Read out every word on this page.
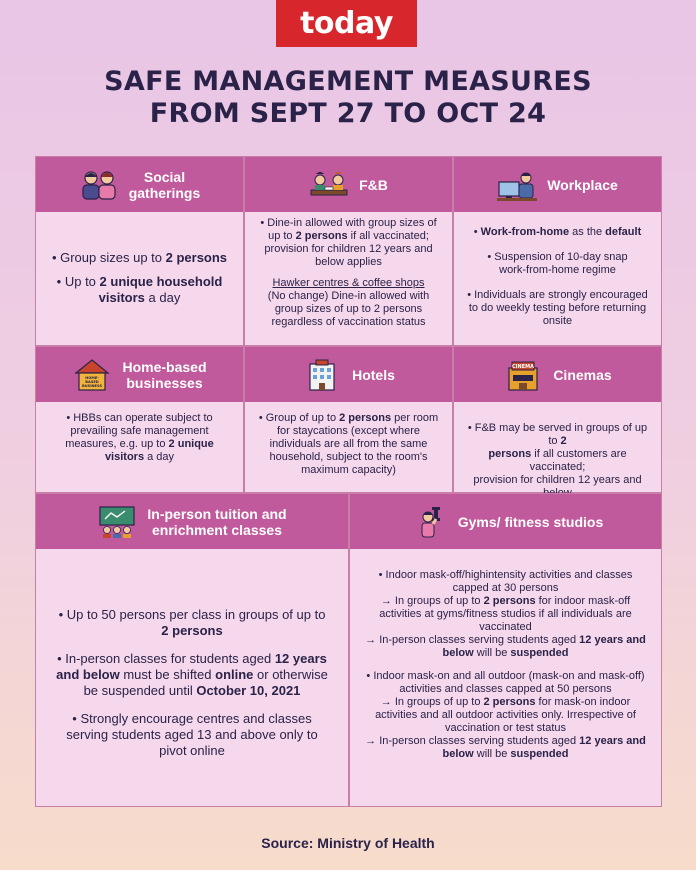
today
SAFE MANAGEMENT MEASURES
FROM SEPT 27 TO OCT 24
Social
gatherings

• Group sizes up to 2 persons

• Up to 2 unique household
visitors a day

F&B

• Dine-in allowed with group sizes of
up to 2 persons if all vaccinated;
provision for children 12 years and
below applies

Hawker centres & coffee shops
(No change) Dine-in allowed with
group sizes of up to 2 persons
regardless of vaccination status

Workplace

• Work-from-home as the default

• Suspension of 10-day snap
work-from-home regime

• Individuals are strongly encouraged
to do weekly testing before returning
onsite

HOME-
BASED
BUSINESS
Home-based
businesses

• HBBs can operate subject to
prevailing safe management
measures, e.g. up to 2 unique
visitors a day

Hotels

• Group of up to 2 persons per room
for staycations (except where
individuals are all from the same
household, subject to the room's
maximum capacity)

CINEMA Cinemas

• F&B may be served in groups of up to 2
persons if all customers are vaccinated;
provision for children 12 years and

In-person tuition and
enrichment classes

• Up to 50 persons per class in groups of up to
2 persons

• In-person classes for students aged 12 years
and below must be shifted online or otherwise
be suspended until October 10, 2021

• Strongly encourage centres and classes
serving students aged 13 and above only to
pivot online

Gyms/ fitness studios

• Indoor mask-off/highintensity activities and classes
capped at 30 persons
→ In groups of up to 2 persons for indoor mask-off
activities at gyms/fitness studios if all individuals are
vaccinated
→ In-person classes serving students aged 12 years and
below will be suspended

• Indoor mask-on and all outdoor (mask-on and mask-off)
activities and classes capped at 50 persons
→ In groups of up to 2 persons for mask-on indoor
activities and all outdoor activities only. Irrespective of
vaccination or test status
→ In-person classes serving students aged 12 years and
below will be suspended

Source: Ministry of Health
